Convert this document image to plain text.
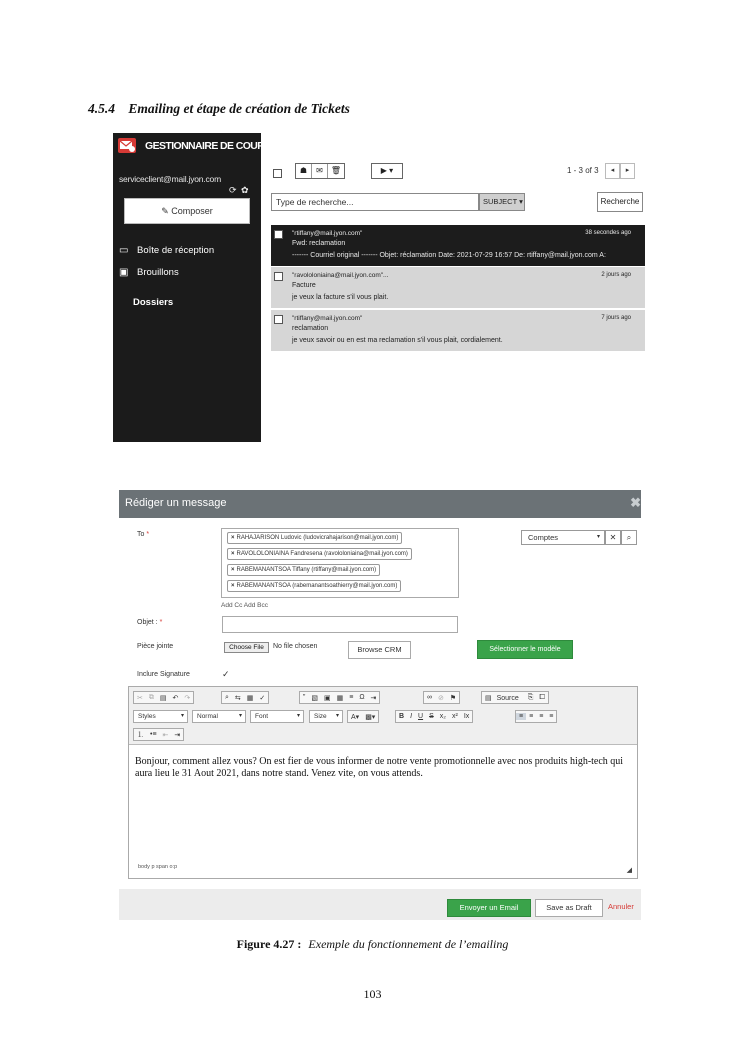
4.5.4 Emailing et étape de création de Tickets
GESTIONNAIRE DE COURRIER
serviceclient@mail.jyon.com
⟳ ✿
✎ Composer
▭ Boîte de réception
▣ Brouillons
Dossiers
☗	✉	🗑	▶ ▾	1 - 3 of 3	◂	▸
Type de recherche...	SUBJECT ▾	Recherche
"rtiffany@mail.jyon.com"
Fwd: reclamation
------- Courriel original ------- Objet: réclamation Date: 2021-07-29 16:57 De: rtiffany@mail.jyon.com A:
38 secondes ago
"ravololoniaina@mail.jyon.com"...
Facture
je veux la facture s'il vous plait.
2 jours ago
"rtiffany@mail.jyon.com"
reclamation
je veux savoir ou en est ma reclamation s'il vous plait, cordialement.
7 jours ago
Rédiger un message	✖
To *	× RAHAJARISON Ludovic (ludovicrahajarison@mail.jyon.com)
× RAVOLOLONIAINA Fandresena (ravololoniaina@mail.jyon.com)
× RABEMANANTSOA Tiffany (rtiffany@mail.jyon.com)
× RABEMANANTSOA (rabemanantsoathierry@mail.jyon.com)
Add Cc Add Bcc
Comptes	▾	✕	⌕
Objet : *
Pièce jointe	Choose File	No file chosen	Browse CRM	Sélectionner le modèle
Inclure Signature	✓
✂ ⧉ ▤ ↶ ↷	⌕ ⇆ ▦ ✓	” ▧ ▣ ▦ ≡ Ω ⇥	∞ ⊘ ⚑	▤ Source	⎘ ⧠
Styles	▾	Normal	▾	Font	▾	Size ▾	A▾ ▩▾	B I U S x₂ x² Ix	≡ ≡ ≡ ≡
⒈ •≡ ⇤ ⇥
Bonjour, comment allez vous? On est fier de vous informer de notre vente promotionnelle avec nos produits high-tech qui aura lieu le 31 Aout 2021, dans notre stand. Venez vite, on vous attends.
body p span o:p	◢
Envoyer un Email	Save as Draft	Annuler
Figure 4.27 : Exemple du fonctionnement de l’emailing
103
